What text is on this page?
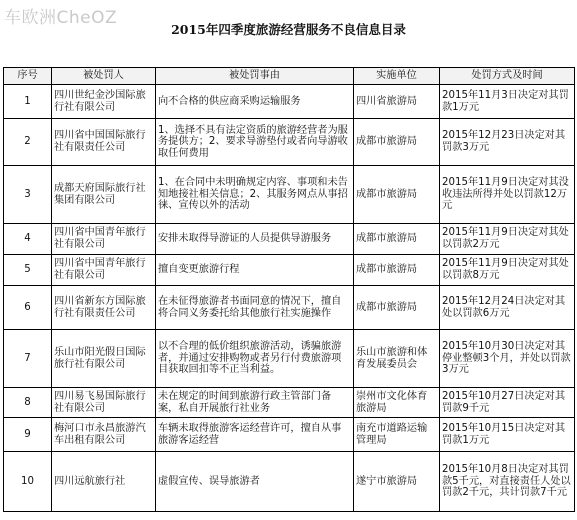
车欧洲CheOZ
2015年四季度旅游经营服务不良信息目录
序号	被处罚人	被处罚事由	实施单位	处罚方式及时间
1	四川世纪金沙国际旅行社有限公司	向不合格的供应商采购运输服务	四川省旅游局	2015年11月3日决定对其罚款1万元
2	四川省中国国际旅行社有限责任公司	1、选择不具有法定资质的旅游经营者为服务提供方；2、要求导游垫付或者向导游收取任何费用	成都市旅游局	2015年12月23日决定对其罚款3万元
3	成都天府国际旅行社集团有限公司	1、在合同中未明确规定内容、事项和未告知地接社相关信息；2、其服务网点从事招徕、宣传以外的活动	成都市旅游局	2015年11月9日决定对其没收违法所得并处以罚款12万元
4	四川省中国青年旅行社有限公司	安排未取得导游证的人员提供导游服务	成都市旅游局	2015年11月9日决定对其处以罚款2万元
5	四川省中国青年旅行社有限公司	擅自变更旅游行程	成都市旅游局	2015年11月9日决定对其处以罚款8万元
6	四川省新东方国际旅行社有限责任公司	在未征得旅游者书面同意的情况下，擅自将合同义务委托给其他旅行社实施操作	成都市旅游局	2015年12月24日决定对其处以罚款6万元
7	乐山市阳光假日国际旅行社有限公司	以不合理的低价组织旅游活动，诱骗旅游者，并通过安排购物或者另行付费旅游项目获取回扣等不正当利益。	乐山市旅游和体育发展委员会	2015年10月30日决定对其停业整顿3个月，并处以罚款3万元
8	四川易飞易国际旅行社有限公司	未在规定的时间到旅游行政主管部门备案，私自开展旅行社业务	崇州市文化体育旅游局	2015年10月27日决定对其罚款9千元
9	梅河口市永昌旅游汽车出租有限公司	车辆未取得旅游客运经营许可，擅自从事旅游客运经营	南充市道路运输管理局	2015年10月15日决定对其罚款1万元
10	四川远航旅行社	虚假宣传、误导旅游者	遂宁市旅游局	2015年10月8日决定对其罚款5千元，对直接责任人处以罚款2千元，共计罚款7千元
